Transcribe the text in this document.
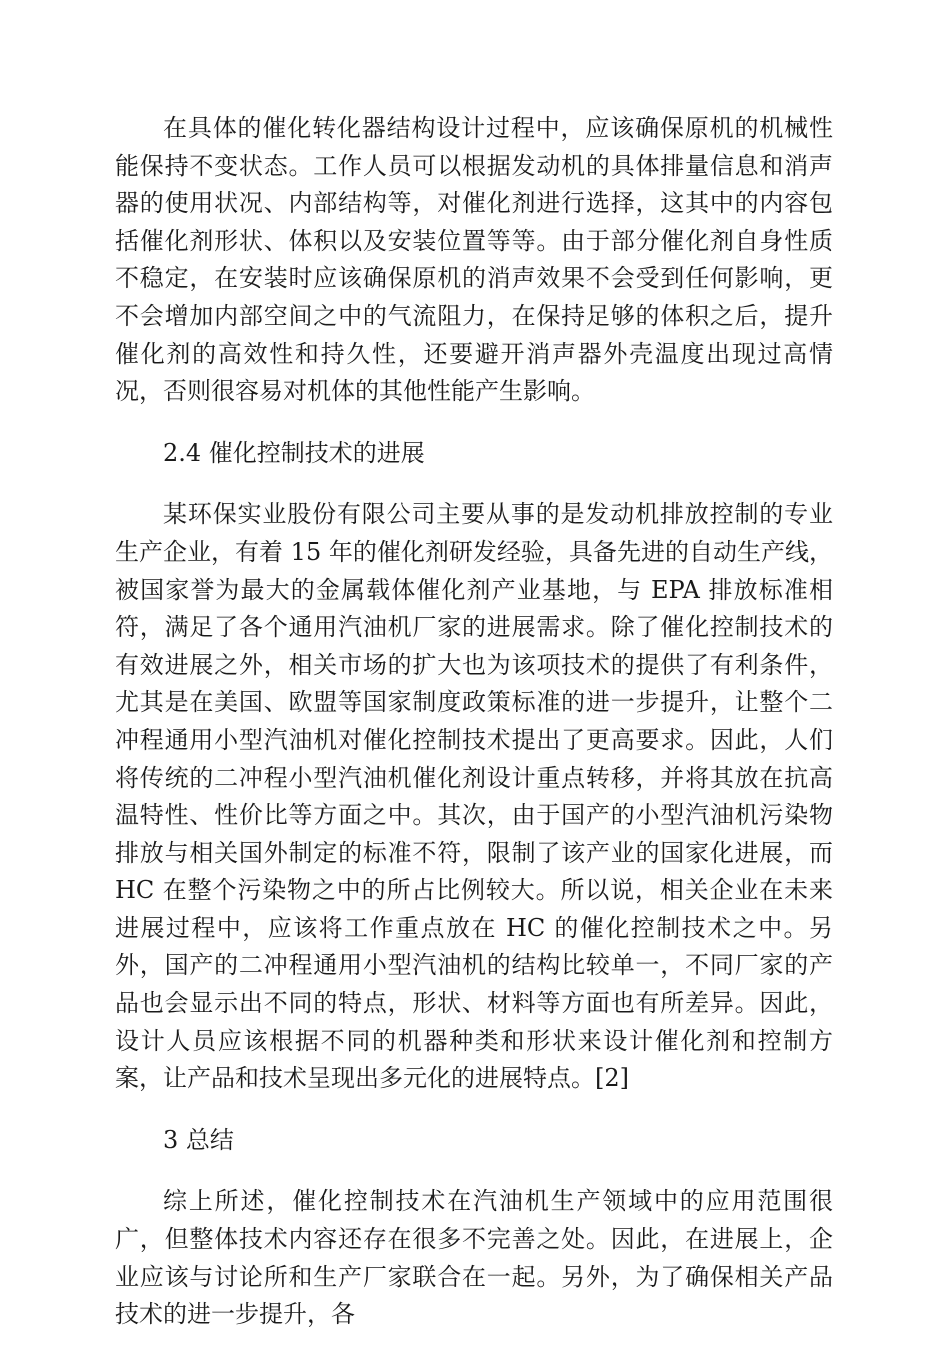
在具体的催化转化器结构设计过程中，应该确保原机的机械性能保持不变状态。工作人员可以根据发动机的具体排量信息和消声器的使用状况、内部结构等，对催化剂进行选择，这其中的内容包括催化剂形状、体积以及安装位置等等。由于部分催化剂自身性质不稳定，在安装时应该确保原机的消声效果不会受到任何影响，更不会增加内部空间之中的气流阻力，在保持足够的体积之后，提升催化剂的高效性和持久性，还要避开消声器外壳温度出现过高情况，否则很容易对机体的其他性能产生影响。

2.4 催化控制技术的进展

某环保实业股份有限公司主要从事的是发动机排放控制的专业生产企业，有着 15 年的催化剂研发经验，具备先进的自动生产线，被国家誉为最大的金属载体催化剂产业基地，与 EPA 排放标准相符，满足了各个通用汽油机厂家的进展需求。除了催化控制技术的有效进展之外，相关市场的扩大也为该项技术的提供了有利条件，尤其是在美国、欧盟等国家制度政策标准的进一步提升，让整个二冲程通用小型汽油机对催化控制技术提出了更高要求。因此，人们将传统的二冲程小型汽油机催化剂设计重点转移，并将其放在抗高温特性、性价比等方面之中。其次，由于国产的小型汽油机污染物排放与相关国外制定的标准不符，限制了该产业的国家化进展，而 HC 在整个污染物之中的所占比例较大。所以说，相关企业在未来进展过程中，应该将工作重点放在 HC 的催化控制技术之中。另外，国产的二冲程通用小型汽油机的结构比较单一，不同厂家的产品也会显示出不同的特点，形状、材料等方面也有所差异。因此，设计人员应该根据不同的机器种类和形状来设计催化剂和控制方案，让产品和技术呈现出多元化的进展特点。[2]

3 总结

综上所述，催化控制技术在汽油机生产领域中的应用范围很广，但整体技术内容还存在很多不完善之处。因此，在进展上，企业应该与讨论所和生产厂家联合在一起。另外，为了确保相关产品技术的进一步提升，各
